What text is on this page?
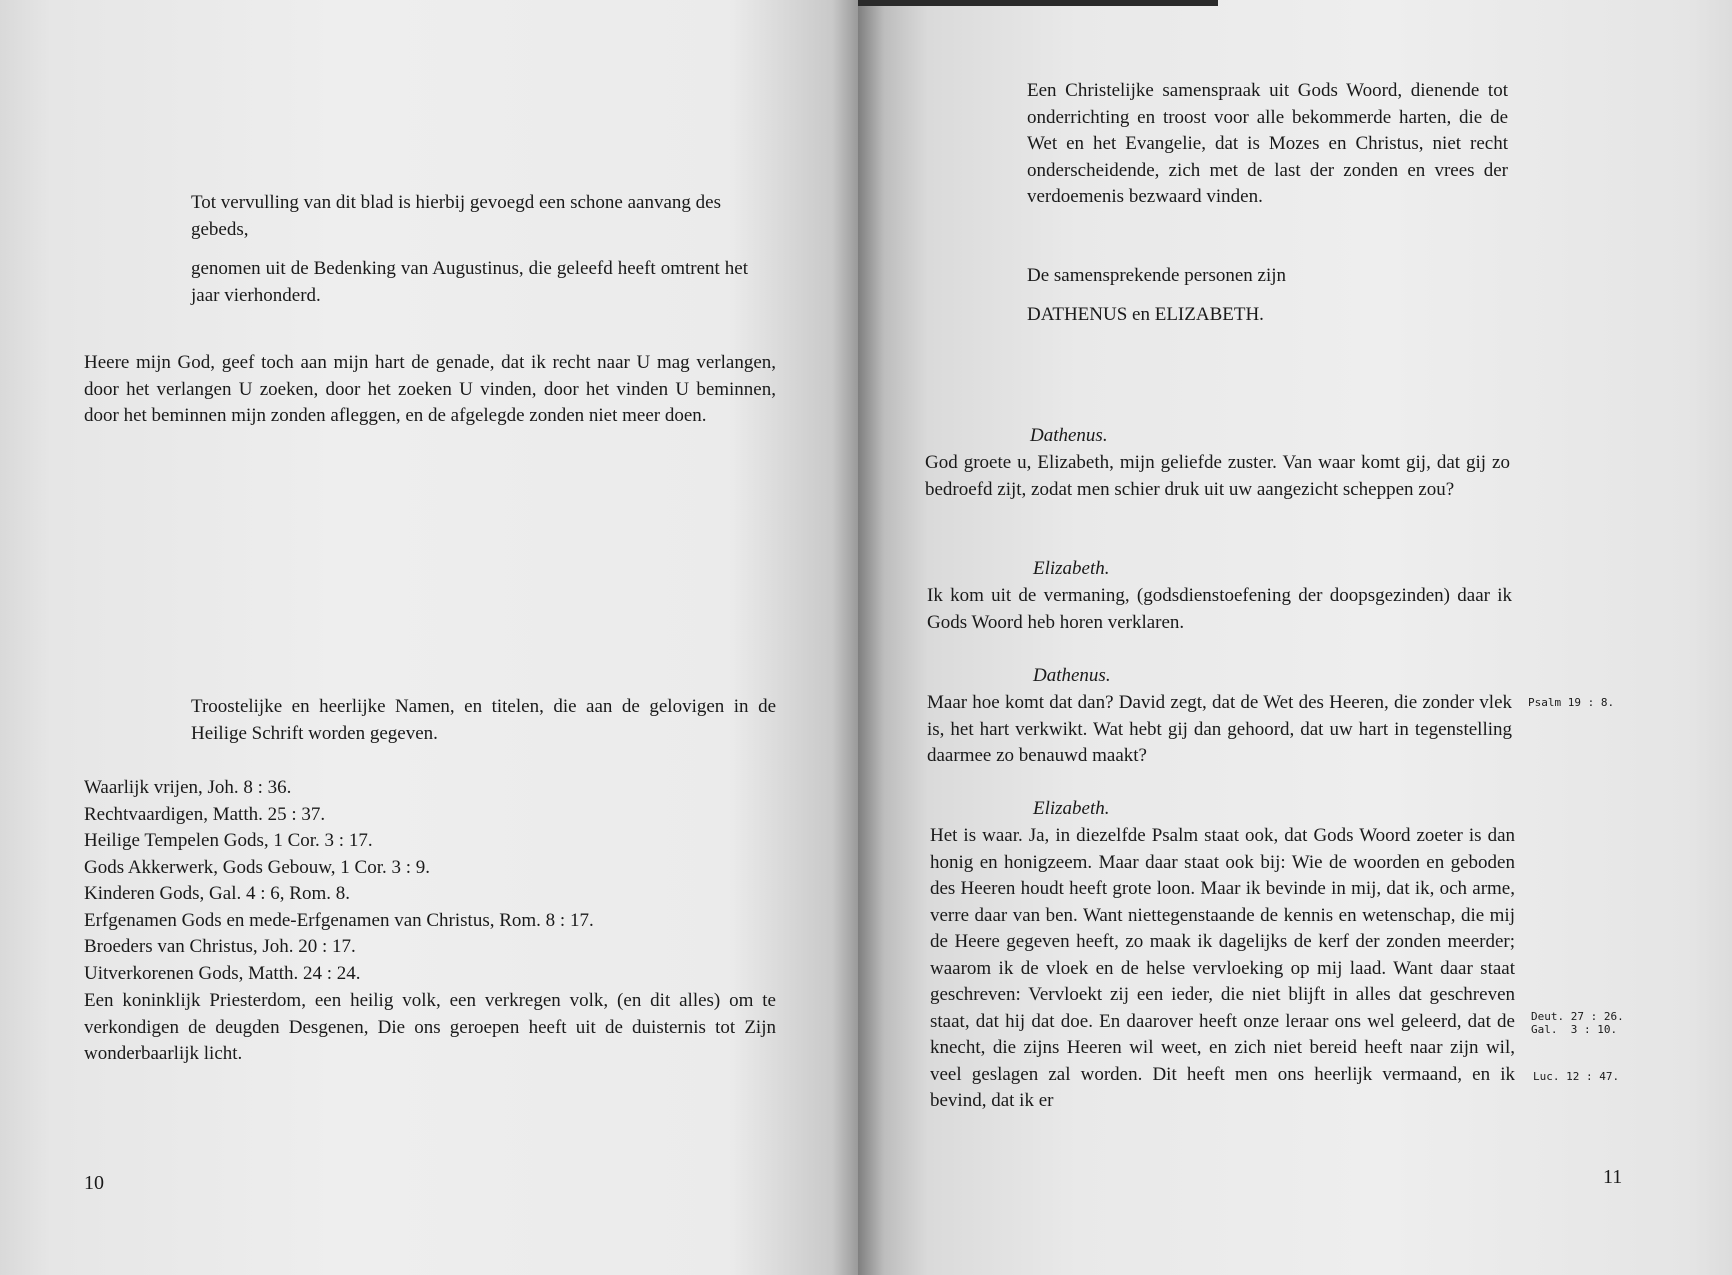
Tot vervulling van dit blad is hierbij gevoegd een schone aanvang des gebeds,
genomen uit de Bedenking van Augustinus, die geleefd heeft omtrent het jaar vierhonderd.
Heere mijn God, geef toch aan mijn hart de genade, dat ik recht naar U mag verlangen, door het verlangen U zoeken, door het zoeken U vinden, door het vinden U beminnen, door het beminnen mijn zonden afleggen, en de afgelegde zonden niet meer doen.
Troostelijke en heerlijke Namen, en titelen, die aan de gelovigen in de Heilige Schrift worden gegeven.
Waarlijk vrijen, Joh. 8 : 36.
Rechtvaardigen, Matth. 25 : 37.
Heilige Tempelen Gods, 1 Cor. 3 : 17.
Gods Akkerwerk, Gods Gebouw, 1 Cor. 3 : 9.
Kinderen Gods, Gal. 4 : 6, Rom. 8.
Erfgenamen Gods en mede-Erfgenamen van Christus, Rom. 8 : 17.
Broeders van Christus, Joh. 20 : 17.
Uitverkorenen Gods, Matth. 24 : 24.
Een koninklijk Priesterdom, een heilig volk, een verkregen volk, (en dit alles) om te verkondigen de deugden Desgenen, Die ons geroepen heeft uit de duisternis tot Zijn wonderbaarlijk licht.
10
Een Christelijke samenspraak uit Gods Woord, dienende tot onderrichting en troost voor alle bekommerde harten, die de Wet en het Evangelie, dat is Mozes en Christus, niet recht onderscheidende, zich met de last der zonden en vrees der verdoemenis bezwaard vinden.
De samensprekende personen zijn
DATHENUS en ELIZABETH.
Dathenus.
God groete u, Elizabeth, mijn geliefde zuster. Van waar komt gij, dat gij zo bedroefd zijt, zodat men schier druk uit uw aangezicht scheppen zou?
Elizabeth.
Ik kom uit de vermaning, (godsdienstoefening der doopsgezinden) daar ik Gods Woord heb horen verklaren.
Dathenus.
Maar hoe komt dat dan? David zegt, dat de Wet des Heeren, die zonder vlek is, het hart verkwikt. Wat hebt gij dan gehoord, dat uw hart in tegenstelling daarmee zo benauwd maakt?
Elizabeth.
Het is waar. Ja, in diezelfde Psalm staat ook, dat Gods Woord zoeter is dan honig en honigzeem. Maar daar staat ook bij: Wie de woorden en geboden des Heeren houdt heeft grote loon. Maar ik bevinde in mij, dat ik, och arme, verre daar van ben. Want niettegenstaande de kennis en wetenschap, die mij de Heere gegeven heeft, zo maak ik dagelijks de kerf der zonden meerder; waarom ik de vloek en de helse vervloeking op mij laad. Want daar staat geschreven: Vervloekt zij een ieder, die niet blijft in alles dat geschreven staat, dat hij dat doe. En daarover heeft onze leraar ons wel geleerd, dat de knecht, die zijns Heeren wil weet, en zich niet bereid heeft naar zijn wil, veel geslagen zal worden. Dit heeft men ons heerlijk vermaand, en ik bevind, dat ik er
Psalm 19 : 8.
Deut. 27 : 26.
Gal.  3 : 10.
Luc. 12 : 47.
11
